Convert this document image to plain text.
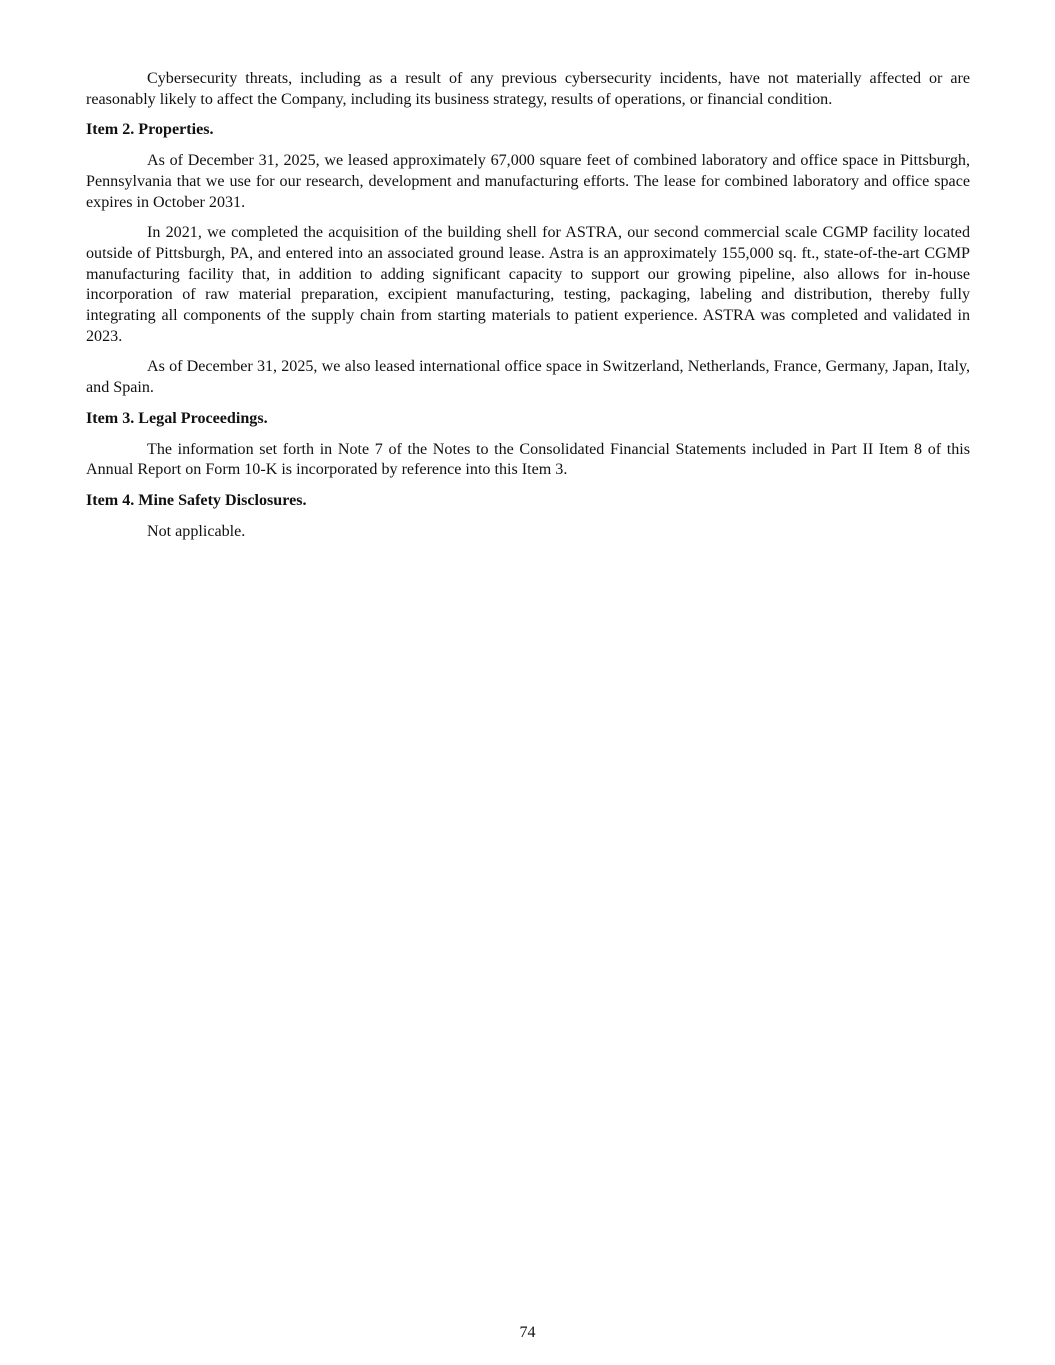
Cybersecurity threats, including as a result of any previous cybersecurity incidents, have not materially affected or are reasonably likely to affect the Company, including its business strategy, results of operations, or financial condition.

Item 2. Properties.

As of December 31, 2025, we leased approximately 67,000 square feet of combined laboratory and office space in Pittsburgh, Pennsylvania that we use for our research, development and manufacturing efforts. The lease for combined laboratory and office space expires in October 2031.

In 2021, we completed the acquisition of the building shell for ASTRA, our second commercial scale CGMP facility located outside of Pittsburgh, PA, and entered into an associated ground lease. Astra is an approximately 155,000 sq. ft., state-of-the-art CGMP manufacturing facility that, in addition to adding significant capacity to support our growing pipeline, also allows for in-house incorporation of raw material preparation, excipient manufacturing, testing, packaging, labeling and distribution, thereby fully integrating all components of the supply chain from starting materials to patient experience. ASTRA was completed and validated in 2023.

As of December 31, 2025, we also leased international office space in Switzerland, Netherlands, France, Germany, Japan, Italy, and Spain.

Item 3. Legal Proceedings.

The information set forth in Note 7 of the Notes to the Consolidated Financial Statements included in Part II Item 8 of this Annual Report on Form 10-K is incorporated by reference into this Item 3.

Item 4. Mine Safety Disclosures.

Not applicable.

74
